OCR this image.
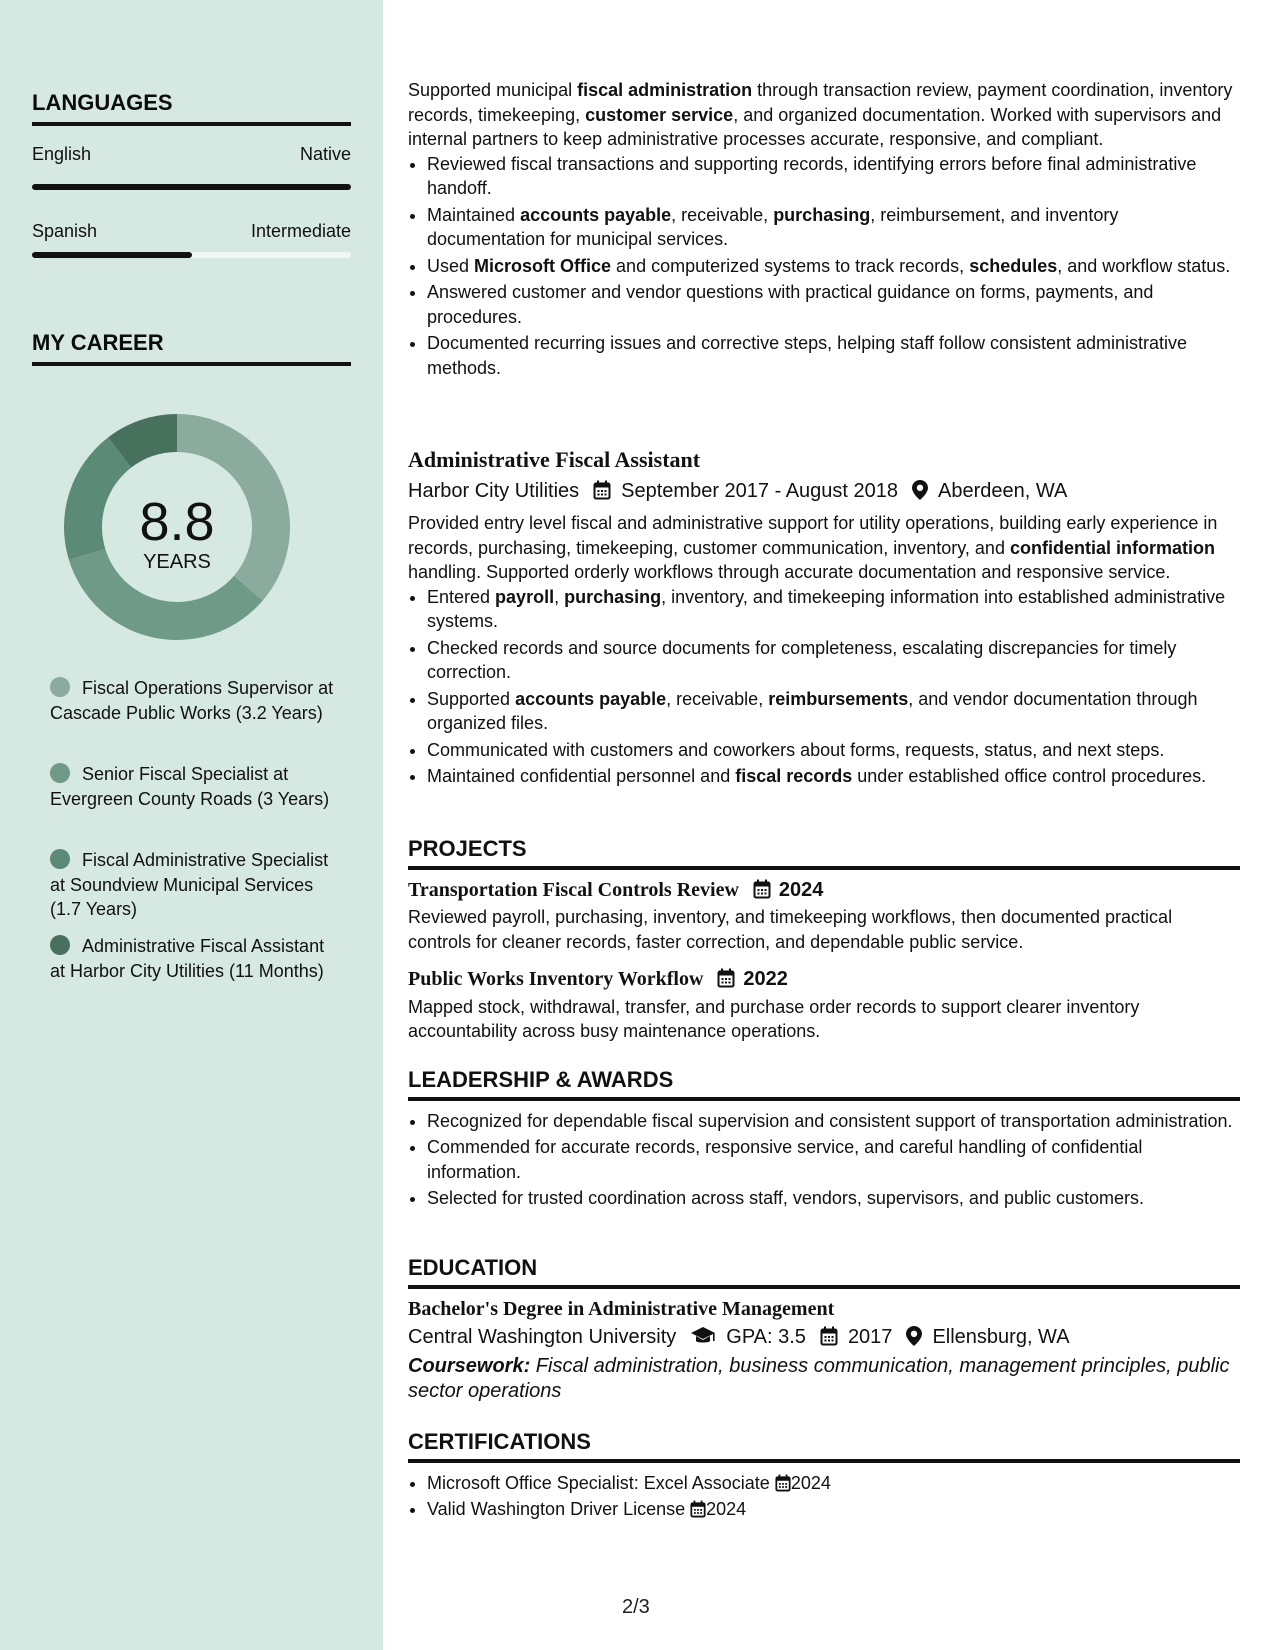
LANGUAGES
English	Native
Spanish	Intermediate
MY CAREER
8.8
YEARS
Fiscal Operations Supervisor at Cascade Public Works (3.2 Years)
Senior Fiscal Specialist at Evergreen County Roads (3 Years)
Fiscal Administrative Specialist at Soundview Municipal Services (1.7 Years)
Administrative Fiscal Assistant at Harbor City Utilities (11 Months)

Supported municipal fiscal administration through transaction review, payment coordination, inventory records, timekeeping, customer service, and organized documentation. Worked with supervisors and internal partners to keep administrative processes accurate, responsive, and compliant.

• Reviewed fiscal transactions and supporting records, identifying errors before final administrative handoff.
• Maintained accounts payable, receivable, purchasing, reimbursement, and inventory documentation for municipal services.
• Used Microsoft Office and computerized systems to track records, schedules, and workflow status.
• Answered customer and vendor questions with practical guidance on forms, payments, and procedures.
• Documented recurring issues and corrective steps, helping staff follow consistent administrative methods.
Administrative Fiscal Assistant
Harbor City Utilities September 2017 - August 2018 Aberdeen, WA

Provided entry level fiscal and administrative support for utility operations, building early experience in records, purchasing, timekeeping, customer communication, inventory, and confidential information handling. Supported orderly workflows through accurate documentation and responsive service.

• Entered payroll, purchasing, inventory, and timekeeping information into established administrative systems.
• Checked records and source documents for completeness, escalating discrepancies for timely correction.
• Supported accounts payable, receivable, reimbursements, and vendor documentation through organized files.
• Communicated with customers and coworkers about forms, requests, status, and next steps.
• Maintained confidential personnel and fiscal records under established office control procedures.
PROJECTS
Transportation Fiscal Controls Review 2024

Reviewed payroll, purchasing, inventory, and timekeeping workflows, then documented practical controls for cleaner records, faster correction, and dependable public service.

Public Works Inventory Workflow 2022

Mapped stock, withdrawal, transfer, and purchase order records to support clearer inventory accountability across busy maintenance operations.

LEADERSHIP & AWARDS
• Recognized for dependable fiscal supervision and consistent support of transportation administration.
• Commended for accurate records, responsive service, and careful handling of confidential information.
• Selected for trusted coordination across staff, vendors, supervisors, and public customers.
EDUCATION
Bachelor's Degree in Administrative Management
Central Washington University	GPA: 3.5 2017 Ellensburg, WA

Coursework: Fiscal administration, business communication, management principles, public sector operations

CERTIFICATIONS
• Microsoft Office Specialist: Excel Associate 2024
• Valid Washington Driver License 2024
2/3
